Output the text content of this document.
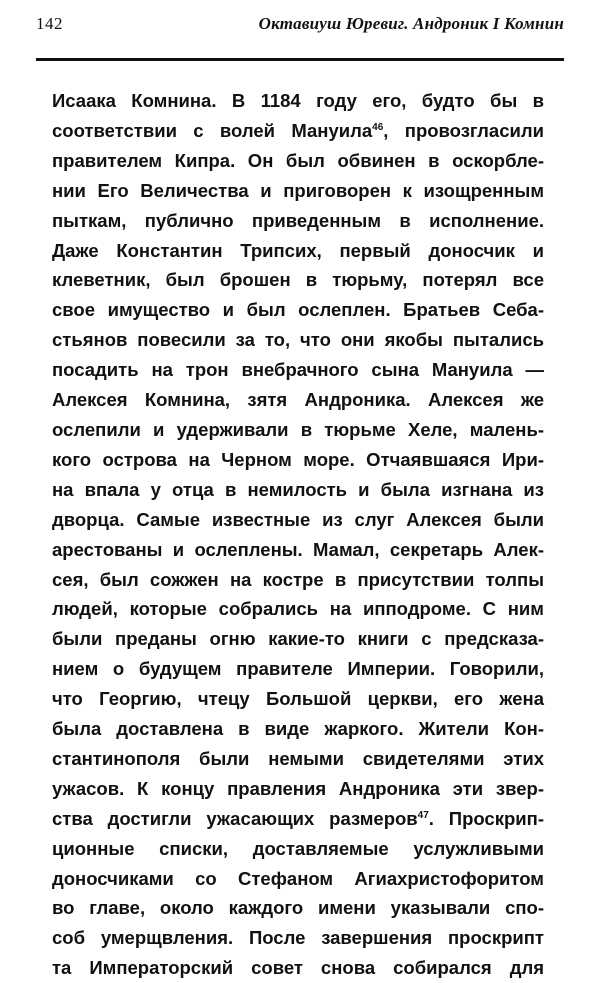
142	Октавиуш Юревиг. Андроник I Комнин
Исаака Комнина. В 1184 году его, будто бы в
соответствии с волей Мануила$^{46}$, провозгласили
правителем Кипра. Он был обвинен в оскорбле-
нии Его Величества и приговорен к изощренным
пыткам, публично приведенным в исполнение.
Даже Константин Трипсих, первый доносчик и
клеветник, был брошен в тюрьму, потерял все
свое имущество и был ослеплен. Братьев Себа-
стьянов повесили за то, что они якобы пытались
посадить на трон внебрачного сына Мануила —
Алексея Комнина, зятя Андроника. Алексея же
ослепили и удерживали в тюрьме Хеле, малень-
кого острова на Черном море. Отчаявшаяся Ири-
на впала у отца в немилость и была изгнана из
дворца. Самые известные из слуг Алексея были
арестованы и ослеплены. Мамал, секретарь Алек-
сея, был сожжен на костре в присутствии толпы
людей, которые собрались на ипподроме. С ним
были преданы огню какие-то книги с предсказа-
нием о будущем правителе Империи. Говорили,
что Георгию, чтецу Большой церкви, его жена
была доставлена в виде жаркого. Жители Кон-
стантинополя были немыми свидетелями этих
ужасов. К концу правления Андроника эти звер-
ства достигли ужасающих размеров$^{47}$. Проскрип-
ционные списки, доставляемые услужливыми
доносчиками со Стефаном Агиахристофоритом
во главе, около каждого имени указывали спо-
соб умерщвления. После завершения проскрипт
та Императорский совет снова собирался для
